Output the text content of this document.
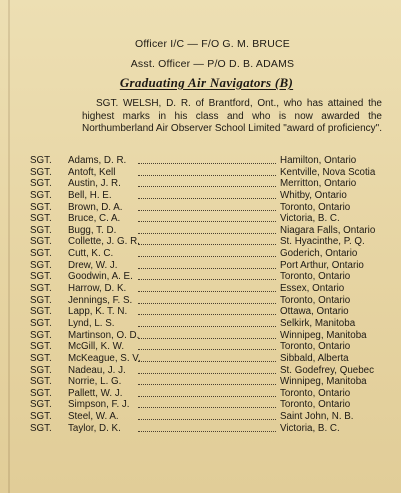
Officer I/C — F/O G. M. BRUCE
Asst. Officer — P/O D. B. ADAMS
Graduating Air Navigators (B)
SGT. WELSH, D. R. of Brantford, Ont., who has attained the highest marks in his class and who is now awarded the Northumberland Air Observer School Limited "award of proficiency".
SGT. Adams, D. R.	Hamilton, Ontario
SGT. Antoft, Kell	Kentville, Nova Scotia
SGT. Austin, J. R.	Merritton, Ontario
SGT. Bell, H. E.	Whitby, Ontario
SGT. Brown, D. A.	Toronto, Ontario
SGT. Bruce, C. A.	Victoria, B. C.
SGT. Bugg, T. D.	Niagara Falls, Ontario
SGT. Collette, J. G. R.	St. Hyacinthe, P. Q.
SGT. Cutt, K. C.	Goderich, Ontario
SGT. Drew, W. J.	Port Arthur, Ontario
SGT. Goodwin, A. E.	Toronto, Ontario
SGT. Harrow, D. K.	Essex, Ontario
SGT. Jennings, F. S.	Toronto, Ontario
SGT. Lapp, K. T. N.	Ottawa, Ontario
SGT. Lynd, L. S.	Selkirk, Manitoba
SGT. Martinson, O. D.	Winnipeg, Manitoba
SGT. McGill, K. W.	Toronto, Ontario
SGT. McKeague, S. V.	Sibbald, Alberta
SGT. Nadeau, J. J.	St. Godefrey, Quebec
SGT. Norrie, L. G.	Winnipeg, Manitoba
SGT. Pallett, W. J.	Toronto, Ontario
SGT. Simpson, F. J.	Toronto, Ontario
SGT. Steel, W. A.	Saint John, N. B.
SGT. Taylor, D. K.	Victoria, B. C.
